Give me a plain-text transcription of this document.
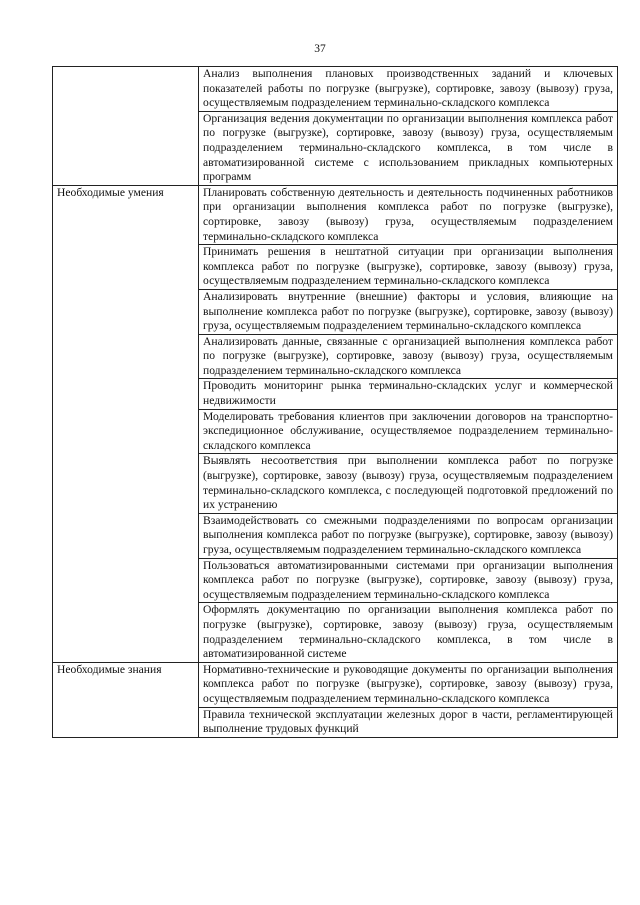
37
	Анализ выполнения плановых производственных заданий и ключевых показателей работы по погрузке (выгрузке), сортировке, завозу (вывозу) груза, осуществляемым подразделением терминально-складского комплекса
	Организация ведения документации по организации выполнения комплекса работ по погрузке (выгрузке), сортировке, завозу (вывозу) груза, осуществляемым подразделением терминально-складского комплекса, в том числе в автоматизированной системе с использованием прикладных компьютерных программ
Необходимые умения	Планировать собственную деятельность и деятельность подчиненных работников при организации выполнения комплекса работ по погрузке (выгрузке), сортировке, завозу (вывозу) груза, осуществляемым подразделением терминально-складского комплекса
	Принимать решения в нештатной ситуации при организации выполнения комплекса работ по погрузке (выгрузке), сортировке, завозу (вывозу) груза, осуществляемым подразделением терминально-складского комплекса
	Анализировать внутренние (внешние) факторы и условия, влияющие на выполнение комплекса работ по погрузке (выгрузке), сортировке, завозу (вывозу) груза, осуществляемым подразделением терминально-складского комплекса
	Анализировать данные, связанные с организацией выполнения комплекса работ по погрузке (выгрузке), сортировке, завозу (вывозу) груза, осуществляемым подразделением терминально-складского комплекса
	Проводить мониторинг рынка терминально-складских услуг и коммерческой недвижимости
	Моделировать требования клиентов при заключении договоров на транспортно-экспедиционное обслуживание, осуществляемое подразделением терминально-складского комплекса
	Выявлять несоответствия при выполнении комплекса работ по погрузке (выгрузке), сортировке, завозу (вывозу) груза, осуществляемым подразделением терминально-складского комплекса, с последующей подготовкой предложений по их устранению
	Взаимодействовать со смежными подразделениями по вопросам организации выполнения комплекса работ по погрузке (выгрузке), сортировке, завозу (вывозу) груза, осуществляемым подразделением терминально-складского комплекса
	Пользоваться автоматизированными системами при организации выполнения комплекса работ по погрузке (выгрузке), сортировке, завозу (вывозу) груза, осуществляемым подразделением терминально-складского комплекса
	Оформлять документацию по организации выполнения комплекса работ по погрузке (выгрузке), сортировке, завозу (вывозу) груза, осуществляемым подразделением терминально-складского комплекса, в том числе в автоматизированной системе
Необходимые знания	Нормативно-технические и руководящие документы по организации выполнения комплекса работ по погрузке (выгрузке), сортировке, завозу (вывозу) груза, осуществляемым подразделением терминально-складского комплекса
	Правила технической эксплуатации железных дорог в части, регламентирующей выполнение трудовых функций
